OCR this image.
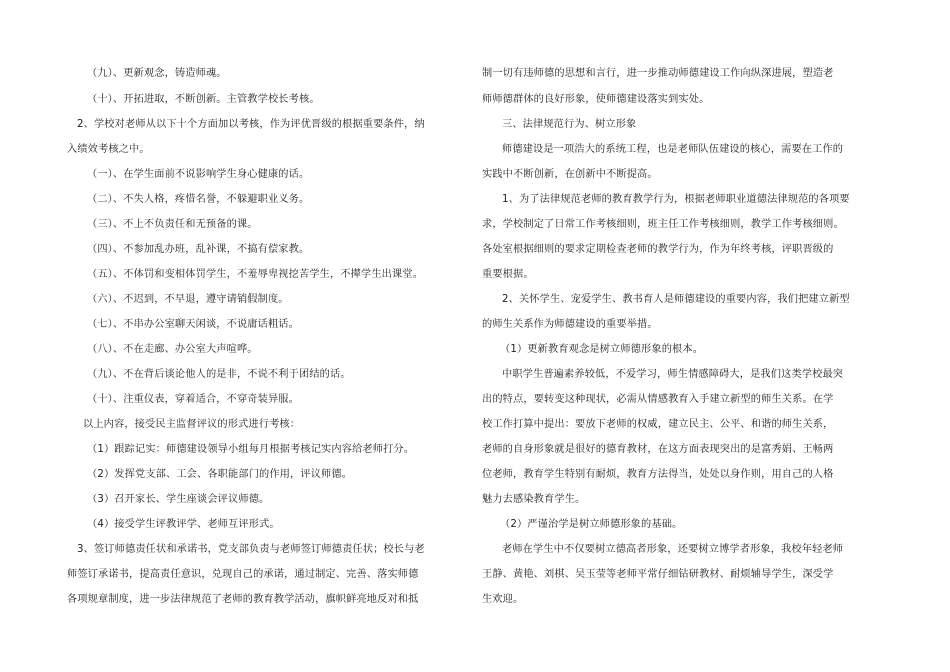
（九）、更新观念，铸造师魂。
（十）、开拓进取，不断创新。主管教学校长考核。
2、学校对老师从以下十个方面加以考核，作为评优晋级的根据重要条件，纳
入绩效考核之中。
（一）、在学生面前不说影响学生身心健康的话。
（二）、不失人格，疼惜名誉，不躲避职业义务。
（三）、不上不负责任和无预备的课。
（四）、不参加乱办班，乱补课，不搞有偿家教。
（五）、不体罚和变相体罚学生，不羞辱卑视挖苦学生，不撵学生出课堂。
（六）、不迟到，不早退，遵守请销假制度。
（七）、不串办公室聊天闲谈，不说庸话粗话。
（八）、不在走廊、办公室大声喧哗。
（九）、不在背后谈论他人的是非，不说不利于团结的话。
（十）、注重仪表，穿着适合，不穿奇装异服。
以上内容，接受民主监督评议的形式进行考核：
（1）跟踪记实：师德建设领导小组每月根据考核记实内容给老师打分。
（2）发挥党支部、工会、各职能部门的作用，评议师德。
（3）召开家长、学生座谈会评议师德。
（4）接受学生评教评学、老师互评形式。
3、签订师德责任状和承诺书，党支部负责与老师签订师德责任状；校长与老
师签订承诺书，提高责任意识，兑现自己的承诺，通过制定、完善、落实师德
各项规章制度，进一步法律规范了老师的教育教学活动，旗帜鲜亮地反对和抵
制一切有违师德的思想和言行，进一步推动师德建设工作向纵深进展，塑造老
师师德群体的良好形象，使师德建设落实到实处。
三、法律规范行为、树立形象
师德建设是一项浩大的系统工程，也是老师队伍建设的核心，需要在工作的
实践中不断创新，在创新中不断提高。
1、为了法律规范老师的教育教学行为，根据老师职业道德法律规范的各项要
求，学校制定了日常工作考核细则，班主任工作考核细则，教学工作考核细则。
各处室根据细则的要求定期检查老师的教学行为，作为年终考核，评职晋级的
重要根据。
2、关怀学生、宠爱学生、教书育人是师德建设的重要内容，我们把建立新型
的师生关系作为师德建设的重要举措。
（1）更新教育观念是树立师德形象的根本。
中职学生普遍素养较低，不爱学习，师生情感障碍大，是我们这类学校最突
出的特点，要转变这种现状，必需从情感教育入手建立新型的师生关系。在学
校工作打算中提出：要放下老师的权威，建立民主、公平、和谐的师生关系，
老师的自身形象就是很好的德育教材，在这方面表现突出的是富秀娟、王畅两
位老师，教育学生特别有耐烦，教育方法得当，处处以身作则，用自己的人格
魅力去感染教育学生。
（2）严谨治学是树立师德形象的基础。
老师在学生中不仅要树立德高者形象，还要树立博学者形象，我校年轻老师
王静、黄艳、刘棋、吴玉莹等老师平常仔细钻研教材、耐烦辅导学生，深受学
生欢迎。
